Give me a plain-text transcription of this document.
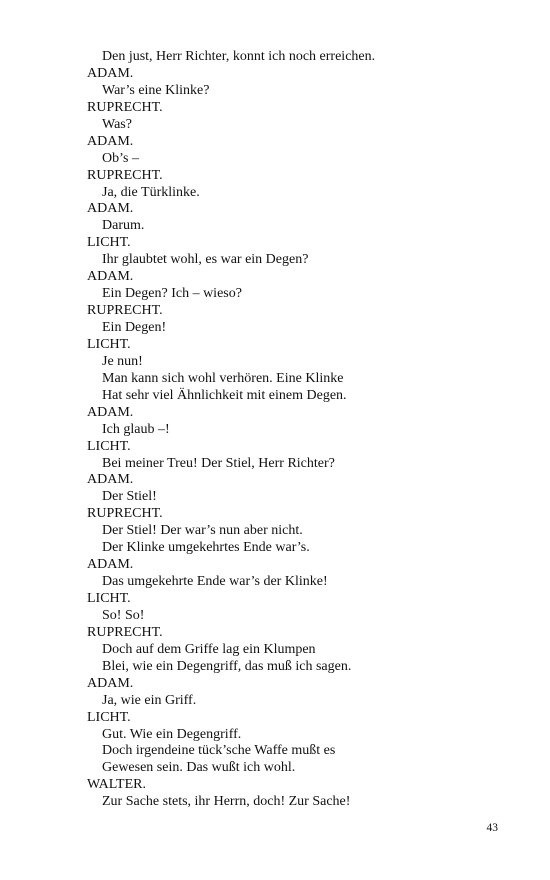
Den just, Herr Richter, konnt ich noch erreichen.
ADAM.
War’s eine Klinke?
RUPRECHT.
Was?
ADAM.
Ob’s –
RUPRECHT.
Ja, die Türklinke.
ADAM.
Darum.
LICHT.
Ihr glaubtet wohl, es war ein Degen?
ADAM.
Ein Degen? Ich – wieso?
RUPRECHT.
Ein Degen!
LICHT.
Je nun!
Man kann sich wohl verhören. Eine Klinke
Hat sehr viel Ähnlichkeit mit einem Degen.
ADAM.
Ich glaub –!
LICHT.
Bei meiner Treu! Der Stiel, Herr Richter?
ADAM.
Der Stiel!
RUPRECHT.
Der Stiel! Der war’s nun aber nicht.
Der Klinke umgekehrtes Ende war’s.
ADAM.
Das umgekehrte Ende war’s der Klinke!
LICHT.
So! So!
RUPRECHT.
Doch auf dem Griffe lag ein Klumpen
Blei, wie ein Degengriff, das muß ich sagen.
ADAM.
Ja, wie ein Griff.
LICHT.
Gut. Wie ein Degengriff.
Doch irgendeine tück’sche Waffe mußt es
Gewesen sein. Das wußt ich wohl.
WALTER.
Zur Sache stets, ihr Herrn, doch! Zur Sache!
43
